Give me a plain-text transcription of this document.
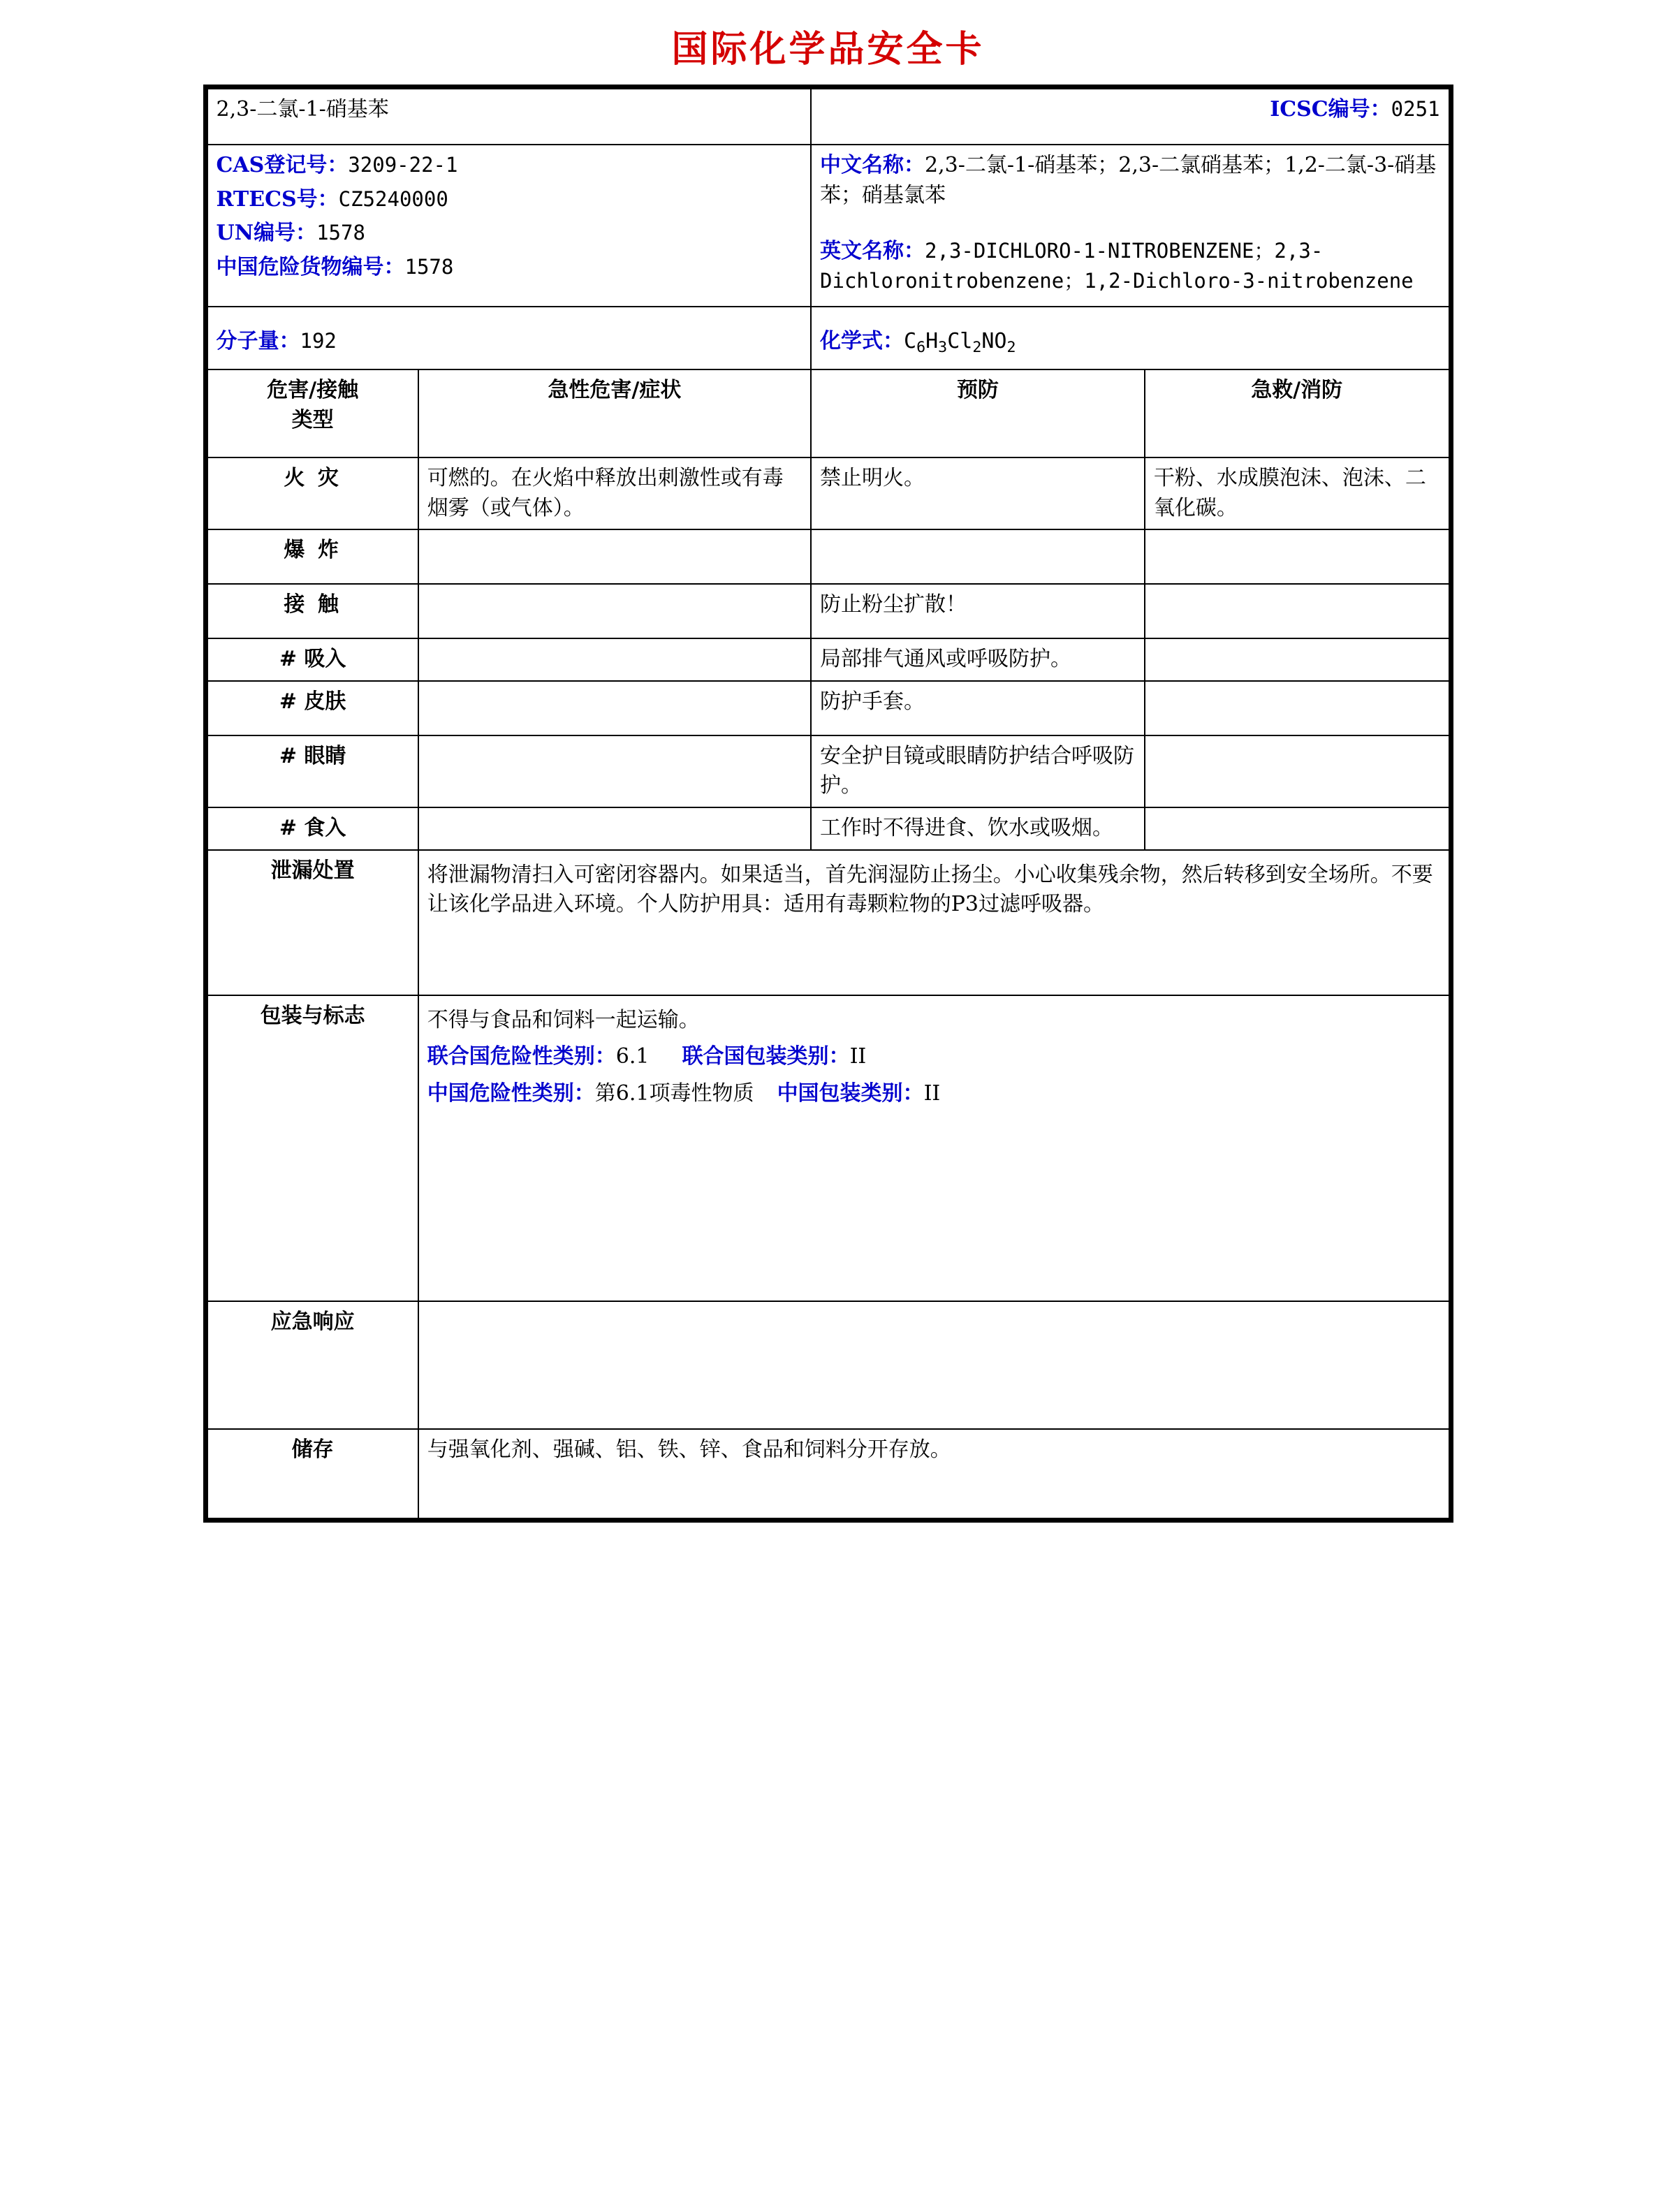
国际化学品安全卡
2,3-二氯-1-硝基苯		ICSC编号：0251	

CAS登记号：3209-22-1
RTECS号：CZ5240000
UN编号：1578
中国危险货物编号：1578

中文名称：2,3-二氯-1-硝基苯；2,3-二氯硝基苯；1,2-二氯-3-硝基苯；硝基氯苯
英文名称：2,3-DICHLORO-1-NITROBENZENE；2,3-Dichloronitrobenzene；1,2-Dichloro-3-nitrobenzene

分子量：192		化学式：$C_6H_3Cl_2NO_2$

危害/接触
类型	急性危害/症状	预防	急救/消防
火 灾	可燃的。在火焰中释放出刺激性或有毒烟雾（或气体）。	禁止明火。	干粉、水成膜泡沫、泡沫、二氧化碳。
爆 炸			
接 触		防止粉尘扩散！	
# 吸入		局部排气通风或呼吸防护。	
# 皮肤		防护手套。	
# 眼睛		安全护目镜或眼睛防护结合呼吸防护。	
# 食入		工作时不得进食、饮水或吸烟。	
泄漏处置	将泄漏物清扫入可密闭容器内。如果适当，首先润湿防止扬尘。小心收集残余物，然后转移到安全场所。不要让该化学品进入环境。个人防护用具：适用有毒颗粒物的P3过滤呼吸器。		
包装与标志	不得与食品和饲料一起运输。
联合国危险性类别：6.1 联合国包装类别：II
中国危险性类别：第6.1项毒性物质 中国包装类别：II		

应急响应			
储存	与强氧化剂、强碱、铝、铁、锌、食品和饲料分开存放。		
